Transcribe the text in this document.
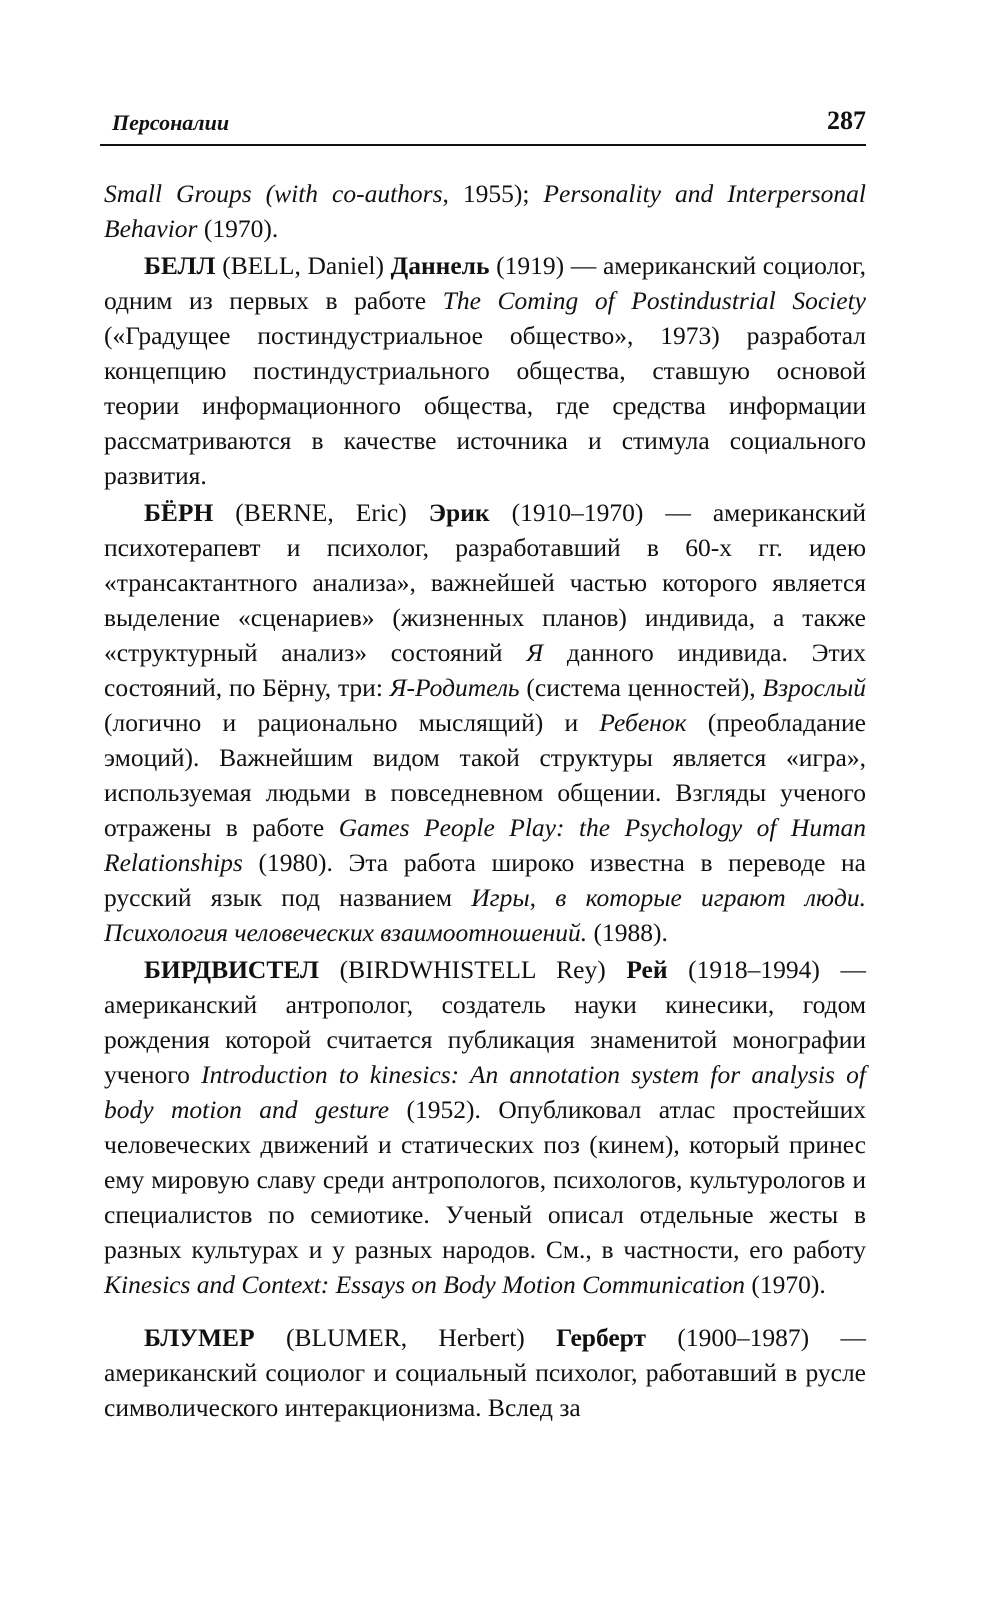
Персоналии	287

Small Groups (with co-authors, 1955); Personality and Interpersonal Behavior (1970).

БЕЛЛ (BELL, Daniel) Даннель (1919) — американский социолог, одним из первых в работе The Coming of Postindustrial Society («Градущее постиндустриальное общество», 1973) разработал концепцию постиндустриального общества, ставшую основой теории информационного общества, где средства информации рассматриваются в качестве источника и стимула социального развития.

БЁРН (BERNE, Eric) Эрик (1910–1970) — американский психотерапевт и психолог, разработавший в 60-х гг. идею «трансактантного анализа», важнейшей частью которого является выделение «сценариев» (жизненных планов) индивида, а также «структурный анализ» состояний Я данного индивида. Этих состояний, по Бёрну, три: Я-Родитель (система ценностей), Взрослый (логично и рационально мыслящий) и Ребенок (преобладание эмоций). Важнейшим видом такой структуры является «игра», используемая людьми в повседневном общении. Взгляды ученого отражены в работе Games People Play: the Psychology of Human Relationships (1980). Эта работа широко известна в переводе на русский язык под названием Игры, в которые играют люди. Психология человеческих взаимоотношений. (1988).

БИРДВИСТЕЛ (BIRDWHISTELL Rey) Рей (1918–1994) — американский антрополог, создатель науки кинесики, годом рождения которой считается публикация знаменитой монографии ученого Introduction to kinesics: An annotation system for analysis of body motion and gesture (1952). Опубликовал атлас простейших человеческих движений и статических поз (кинем), который принес ему мировую славу среди антропологов, психологов, культурологов и специалистов по семиотике. Ученый описал отдельные жесты в разных культурах и у разных народов. См., в частности, его работу Kinesics and Context: Essays on Body Motion Communication (1970).

БЛУМЕР (BLUMER, Herbert) Герберт (1900–1987) — американский социолог и социальный психолог, работавший в русле символического интеракционизма. Вслед за
